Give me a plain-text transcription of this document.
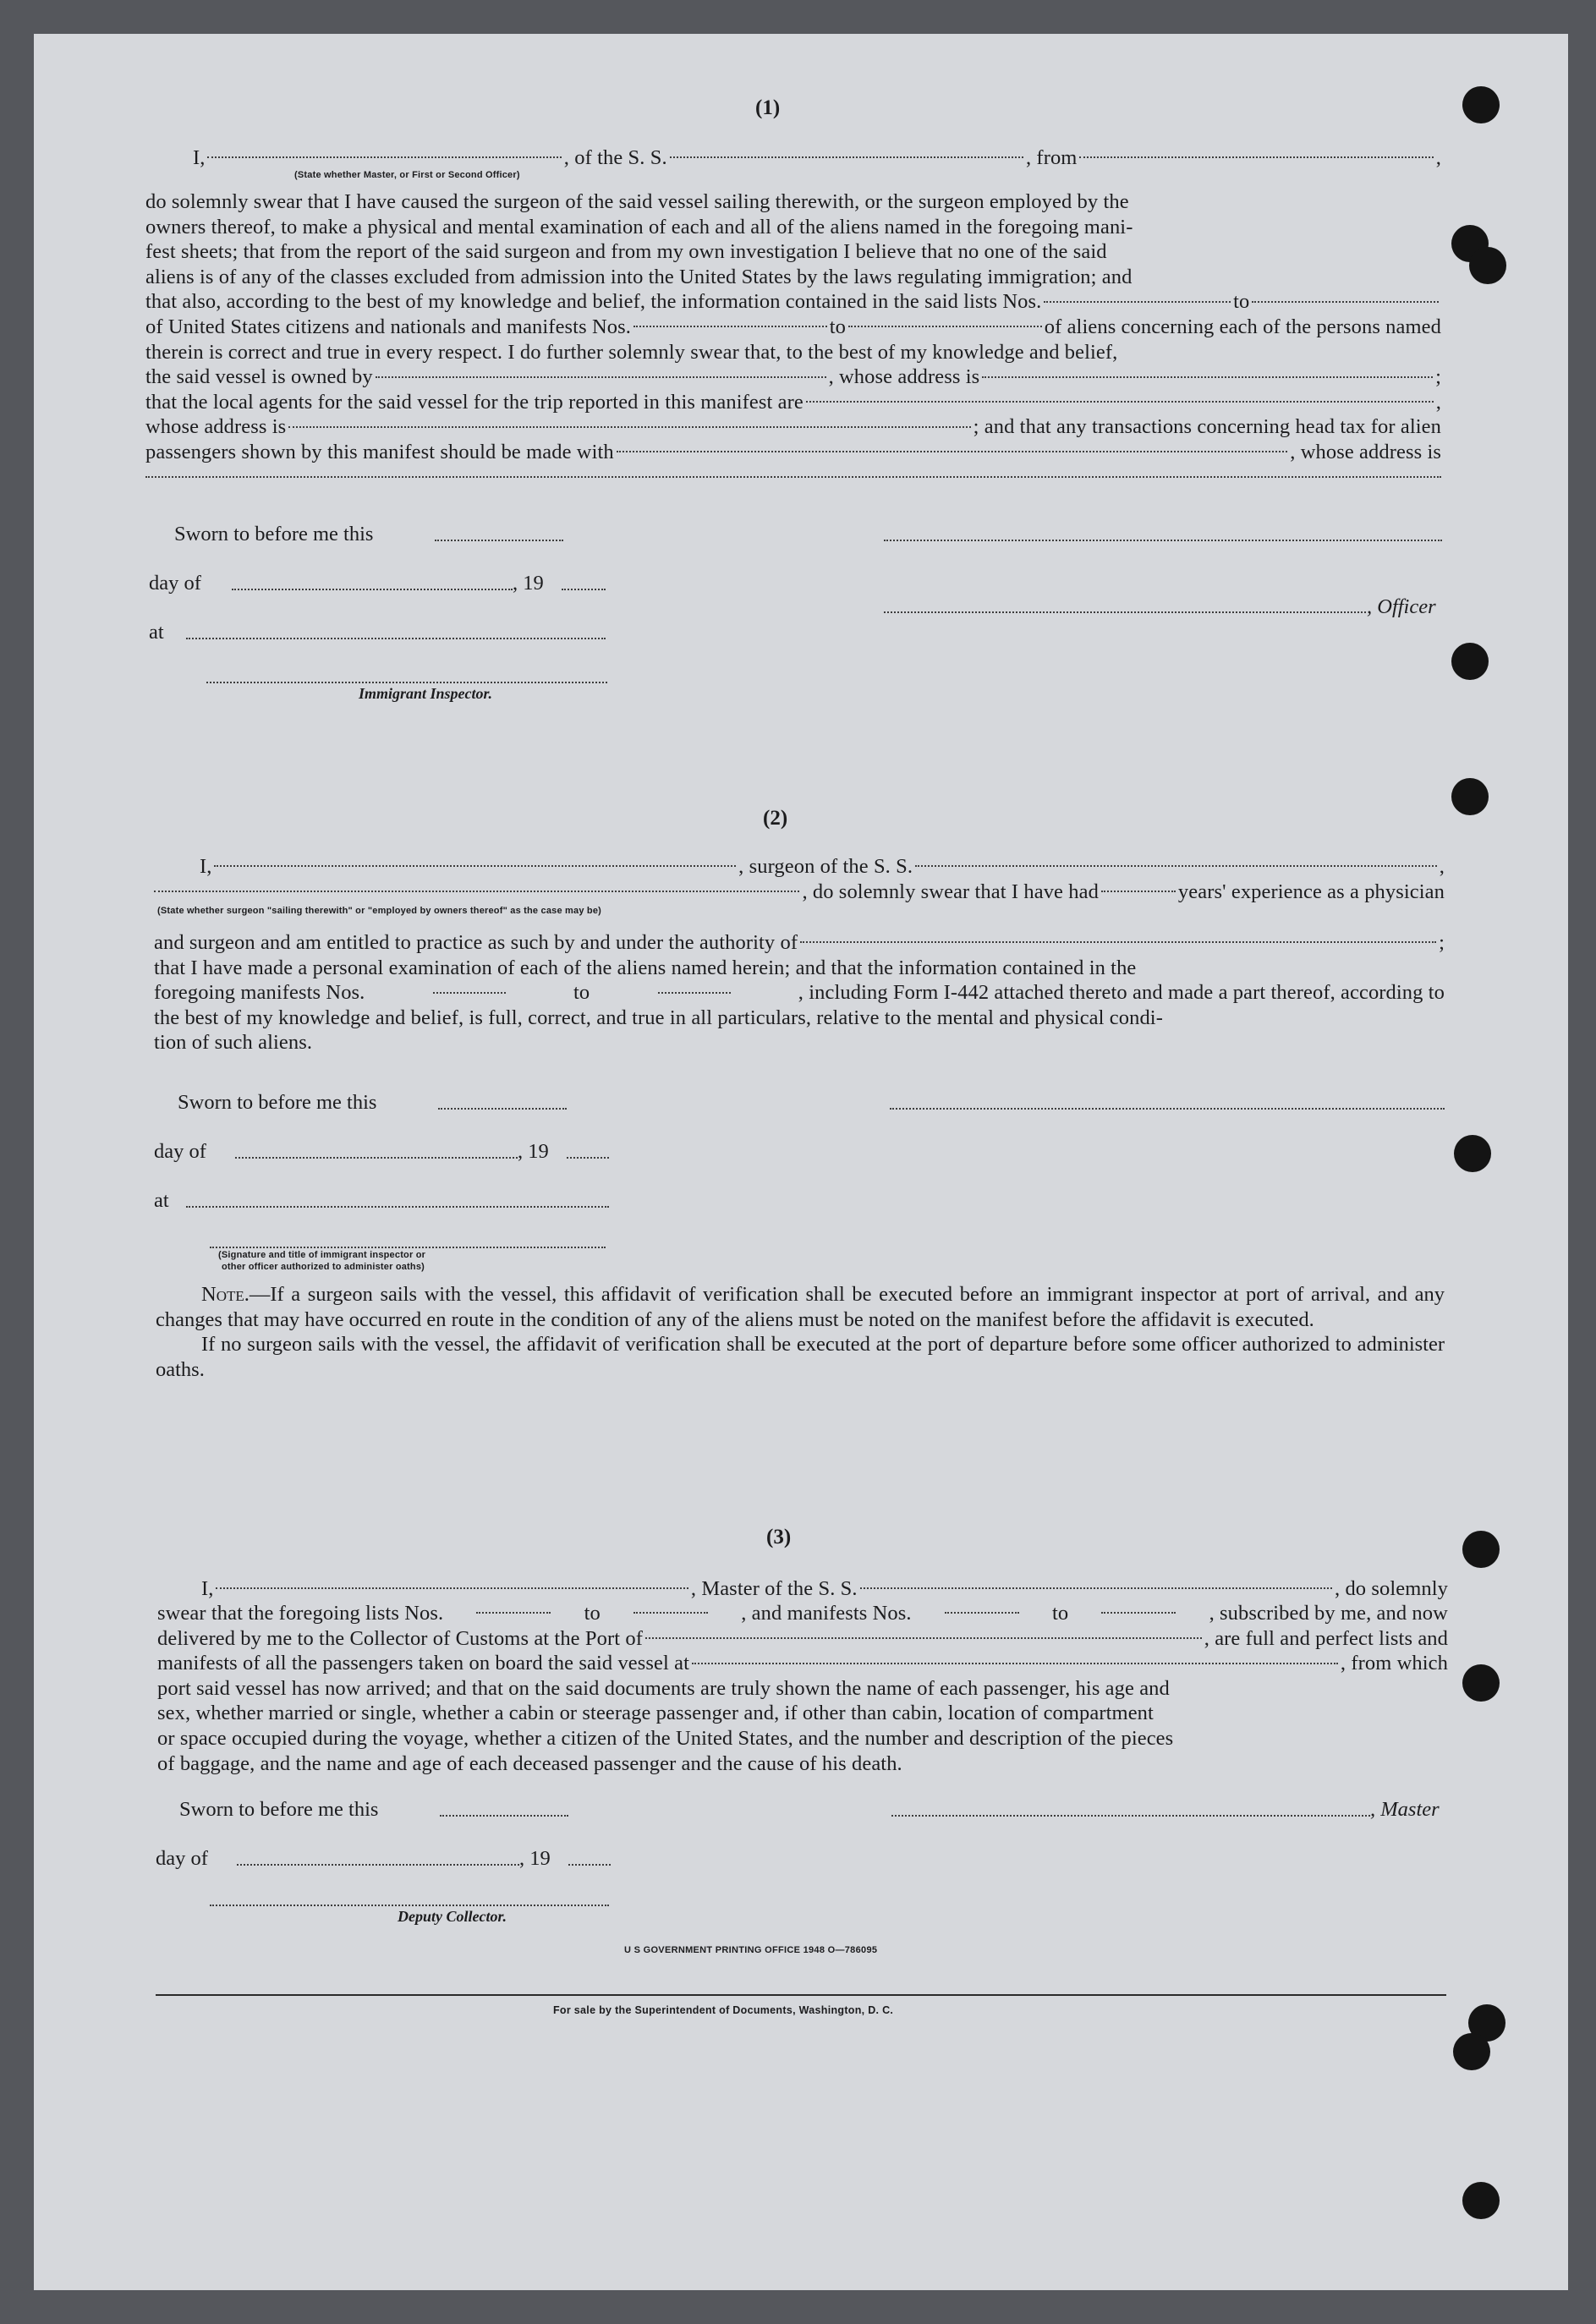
(1)
I,	, of the S. S.	, from	,
(State whether Master, or First or Second Officer)
do solemnly swear that I have caused the surgeon of the said vessel sailing therewith, or the surgeon employed by the
owners thereof, to make a physical and mental examination of each and all of the aliens named in the foregoing mani-
fest sheets; that from the report of the said surgeon and from my own investigation I believe that no one of the said
aliens is of any of the classes excluded from admission into the United States by the laws regulating immigration; and
that also, according to the best of my knowledge and belief, the information contained in the said lists Nos.	to
of United States citizens and nationals and manifests Nos.	to	of aliens concerning each of the persons named
therein is correct and true in every respect. I do further solemnly swear that, to the best of my knowledge and belief,
the said vessel is owned by	, whose address is	;
that the local agents for the said vessel for the trip reported in this manifest are	,
whose address is	; and that any transactions concerning head tax for alien
passengers shown by this manifest should be made with	, whose address is
Sworn to before me this
day of	, 19
, Officer
at
Immigrant Inspector.
(2)
I,	, surgeon of the S. S.	,
, do solemnly swear that I have had	years' experience as a physician
(State whether surgeon "sailing therewith" or "employed by owners thereof" as the case may be)
and surgeon and am entitled to practice as such by and under the authority of	;
that I have made a personal examination of each of the aliens named herein; and that the information contained in the
foregoing manifests Nos.	to	, including Form I-442 attached thereto and made a part thereof, according to
the best of my knowledge and belief, is full, correct, and true in all particulars, relative to the mental and physical condi-
tion of such aliens.
Sworn to before me this
day of	, 19
at
(Signature and title of immigrant inspector or
other officer authorized to administer oaths)

Note.—If a surgeon sails with the vessel, this affidavit of verification shall be executed before an immigrant inspector at port of arrival, and any changes that may have occurred en route in the condition of any of the aliens must be noted on the manifest before the affidavit is executed.

If no surgeon sails with the vessel, the affidavit of verification shall be executed at the port of departure before some officer authorized to administer oaths.

(3)
I,	, Master of the S. S.	, do solemnly
swear that the foregoing lists Nos.	to	, and manifests Nos.	to	, subscribed by me, and now
delivered by me to the Collector of Customs at the Port of	, are full and perfect lists and
manifests of all the passengers taken on board the said vessel at	, from which
port said vessel has now arrived; and that on the said documents are truly shown the name of each passenger, his age and
sex, whether married or single, whether a cabin or steerage passenger and, if other than cabin, location of compartment
or space occupied during the voyage, whether a citizen of the United States, and the number and description of the pieces
of baggage, and the name and age of each deceased passenger and the cause of his death.
Sworn to before me this	, Master
day of	, 19
Deputy Collector.
U S GOVERNMENT PRINTING OFFICE 1948 O—786095
For sale by the Superintendent of Documents, Washington, D. C.
